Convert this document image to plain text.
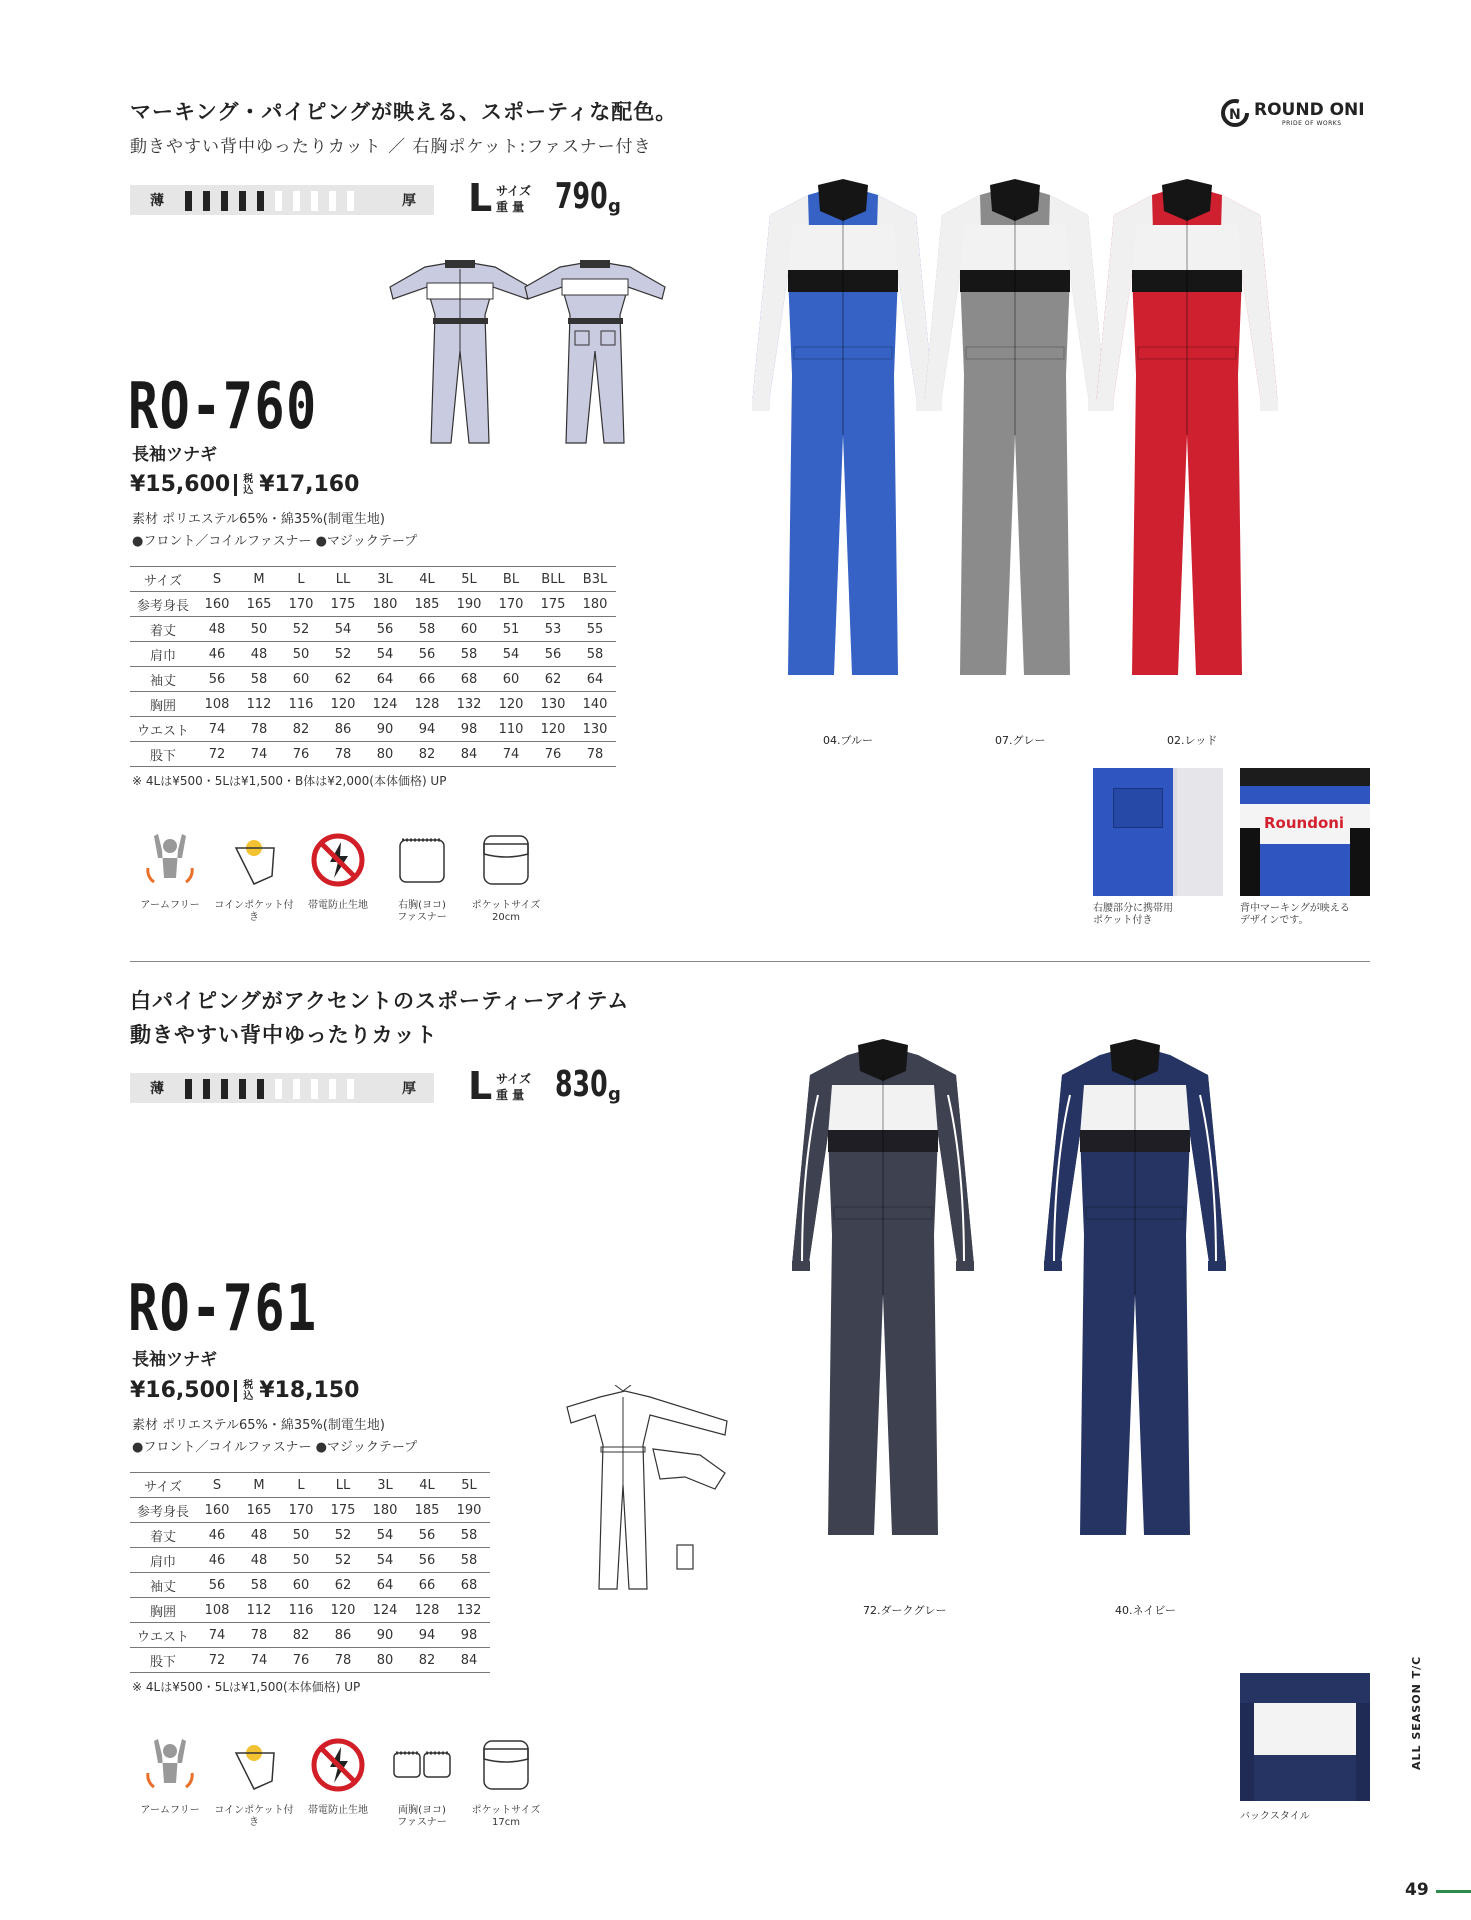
マーキング・パイピングが映える、スポーティな配色。
動きやすい背中ゆったりカット ／ 右胸ポケット:ファスナー付き
N ROUND ONI
PRIDE OF WORKS
薄	厚 L サイズ
重 量 790 g
RO-760
長袖ツナギ
¥15,600 税
込 ¥17,160
素材 ポリエステル65%・綿35%(制電生地)
●フロント／コイルファスナー ●マジックテープ
サイズ	S	M	L	LL	3L	4L	5L	BL	BLL	B3L
参考身長	160	165	170	175	180	185	190	170	175	180
着丈	48	50	52	54	56	58	60	51	53	55
肩巾	46	48	50	52	54	56	58	54	56	58
袖丈	56	58	60	62	64	66	68	60	62	64
胸囲	108	112	116	120	124	128	132	120	130	140
ウエスト	74	78	82	86	90	94	98	110	120	130
股下	72	74	76	78	80	82	84	74	76	78
※ 4Lは¥500・5Lは¥1,500・B体は¥2,000(本体価格) UP
アームフリー	コインポケット付き
帯電防止生地	右胸(ヨコ)
ファスナー
ポケットサイズ
20cm
04.ブルー	07.グレー	02.レッド
右腰部分に携帯用
ポケット付き
Roundoni
背中マーキングが映える
デザインです。
白パイピングがアクセントのスポーティーアイテム
動きやすい背中ゆったりカット
薄	厚 L サイズ
重 量 830 g
RO-761
長袖ツナギ
¥16,500 税
込 ¥18,150
素材 ポリエステル65%・綿35%(制電生地)
●フロント／コイルファスナー ●マジックテープ
サイズ	S	M	L	LL	3L	4L	5L
参考身長	160	165	170	175	180	185	190
着丈	46	48	50	52	54	56	58
肩巾	46	48	50	52	54	56	58
袖丈	56	58	60	62	64	66	68
胸囲	108	112	116	120	124	128	132
ウエスト	74	78	82	86	90	94	98
股下	72	74	76	78	80	82	84
※ 4Lは¥500・5Lは¥1,500(本体価格) UP
アームフリー	コインポケット付き
帯電防止生地	両胸(ヨコ)
ファスナー
ポケットサイズ
17cm
72.ダークグレー	40.ネイビー
バックスタイル
ALL SEASON T/C
49
